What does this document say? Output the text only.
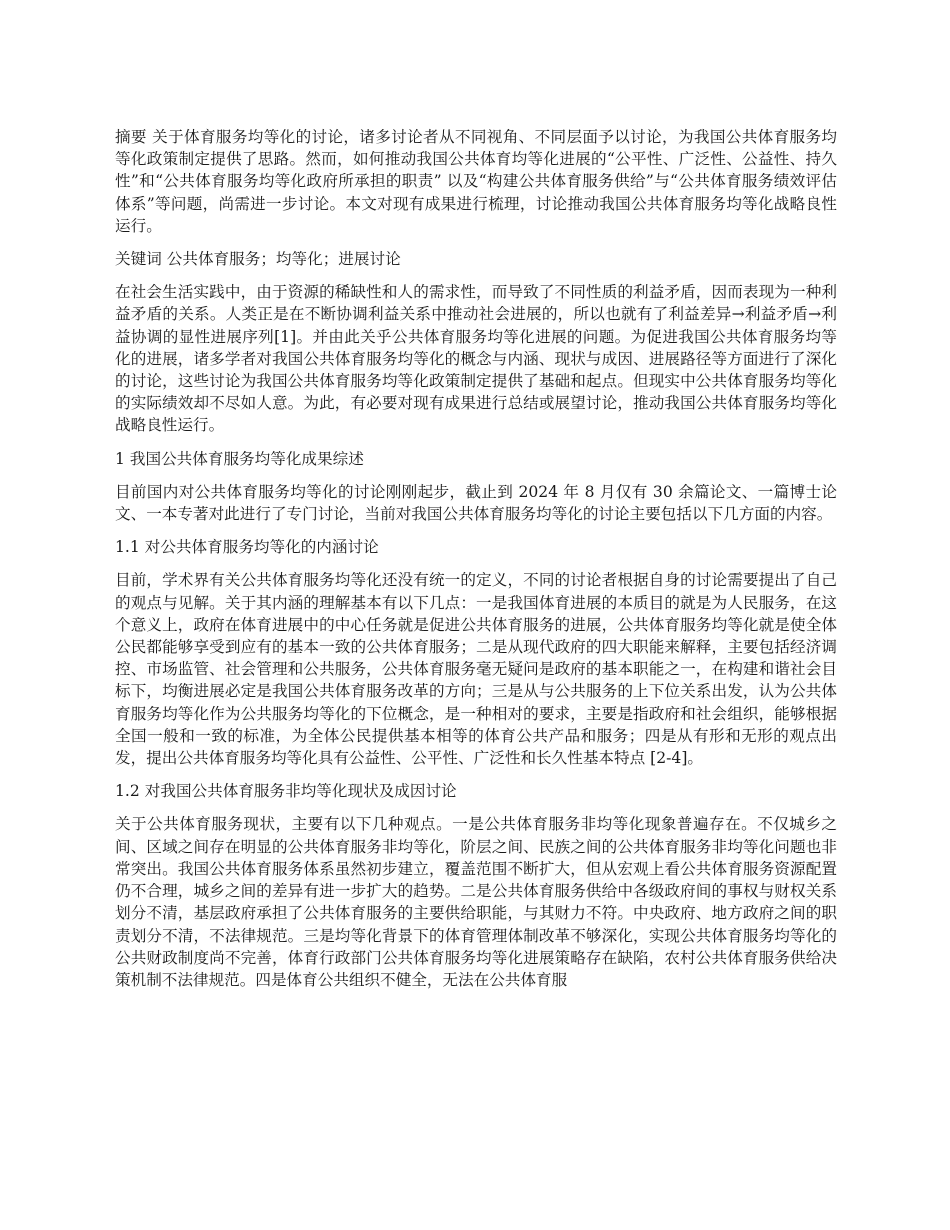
摘要 关于体育服务均等化的讨论，诸多讨论者从不同视角、不同层面予以讨论，为我国公共体育服务均等化政策制定提供了思路。然而，如何推动我国公共体育均等化进展的“公平性、广泛性、公益性、持久性”和“公共体育服务均等化政府所承担的职责” 以及“构建公共体育服务供给”与“公共体育服务绩效评估体系”等问题，尚需进一步讨论。本文对现有成果进行梳理，讨论推动我国公共体育服务均等化战略良性运行。

关键词 公共体育服务；均等化；进展讨论

在社会生活实践中，由于资源的稀缺性和人的需求性，而导致了不同性质的利益矛盾，因而表现为一种利益矛盾的关系。人类正是在不断协调利益关系中推动社会进展的，所以也就有了利益差异→利益矛盾→利益协调的显性进展序列[1]。并由此关乎公共体育服务均等化进展的问题。为促进我国公共体育服务均等化的进展，诸多学者对我国公共体育服务均等化的概念与内涵、现状与成因、进展路径等方面进行了深化的讨论，这些讨论为我国公共体育服务均等化政策制定提供了基础和起点。但现实中公共体育服务均等化的实际绩效却不尽如人意。为此，有必要对现有成果进行总结或展望讨论，推动我国公共体育服务均等化战略良性运行。

1 我国公共体育服务均等化成果综述

目前国内对公共体育服务均等化的讨论刚刚起步，截止到 2024 年 8 月仅有 30 余篇论文、一篇博士论文、一本专著对此进行了专门讨论，当前对我国公共体育服务均等化的讨论主要包括以下几方面的内容。

1.1 对公共体育服务均等化的内涵讨论

目前，学术界有关公共体育服务均等化还没有统一的定义，不同的讨论者根据自身的讨论需要提出了自己的观点与见解。关于其内涵的理解基本有以下几点：一是我国体育进展的本质目的就是为人民服务，在这个意义上，政府在体育进展中的中心任务就是促进公共体育服务的进展，公共体育服务均等化就是使全体公民都能够享受到应有的基本一致的公共体育服务；二是从现代政府的四大职能来解释，主要包括经济调控、市场监管、社会管理和公共服务，公共体育服务毫无疑问是政府的基本职能之一，在构建和谐社会目标下，均衡进展必定是我国公共体育服务改革的方向；三是从与公共服务的上下位关系出发，认为公共体育服务均等化作为公共服务均等化的下位概念，是一种相对的要求，主要是指政府和社会组织，能够根据全国一般和一致的标准，为全体公民提供基本相等的体育公共产品和服务；四是从有形和无形的观点出发，提出公共体育服务均等化具有公益性、公平性、广泛性和长久性基本特点 [2-4]。

1.2 对我国公共体育服务非均等化现状及成因讨论

关于公共体育服务现状，主要有以下几种观点。一是公共体育服务非均等化现象普遍存在。不仅城乡之间、区域之间存在明显的公共体育服务非均等化，阶层之间、民族之间的公共体育服务非均等化问题也非常突出。我国公共体育服务体系虽然初步建立，覆盖范围不断扩大，但从宏观上看公共体育服务资源配置仍不合理，城乡之间的差异有进一步扩大的趋势。二是公共体育服务供给中各级政府间的事权与财权关系划分不清，基层政府承担了公共体育服务的主要供给职能，与其财力不符。中央政府、地方政府之间的职责划分不清，不法律规范。三是均等化背景下的体育管理体制改革不够深化，实现公共体育服务均等化的公共财政制度尚不完善，体育行政部门公共体育服务均等化进展策略存在缺陷，农村公共体育服务供给决策机制不法律规范。四是体育公共组织不健全，无法在公共体育服
